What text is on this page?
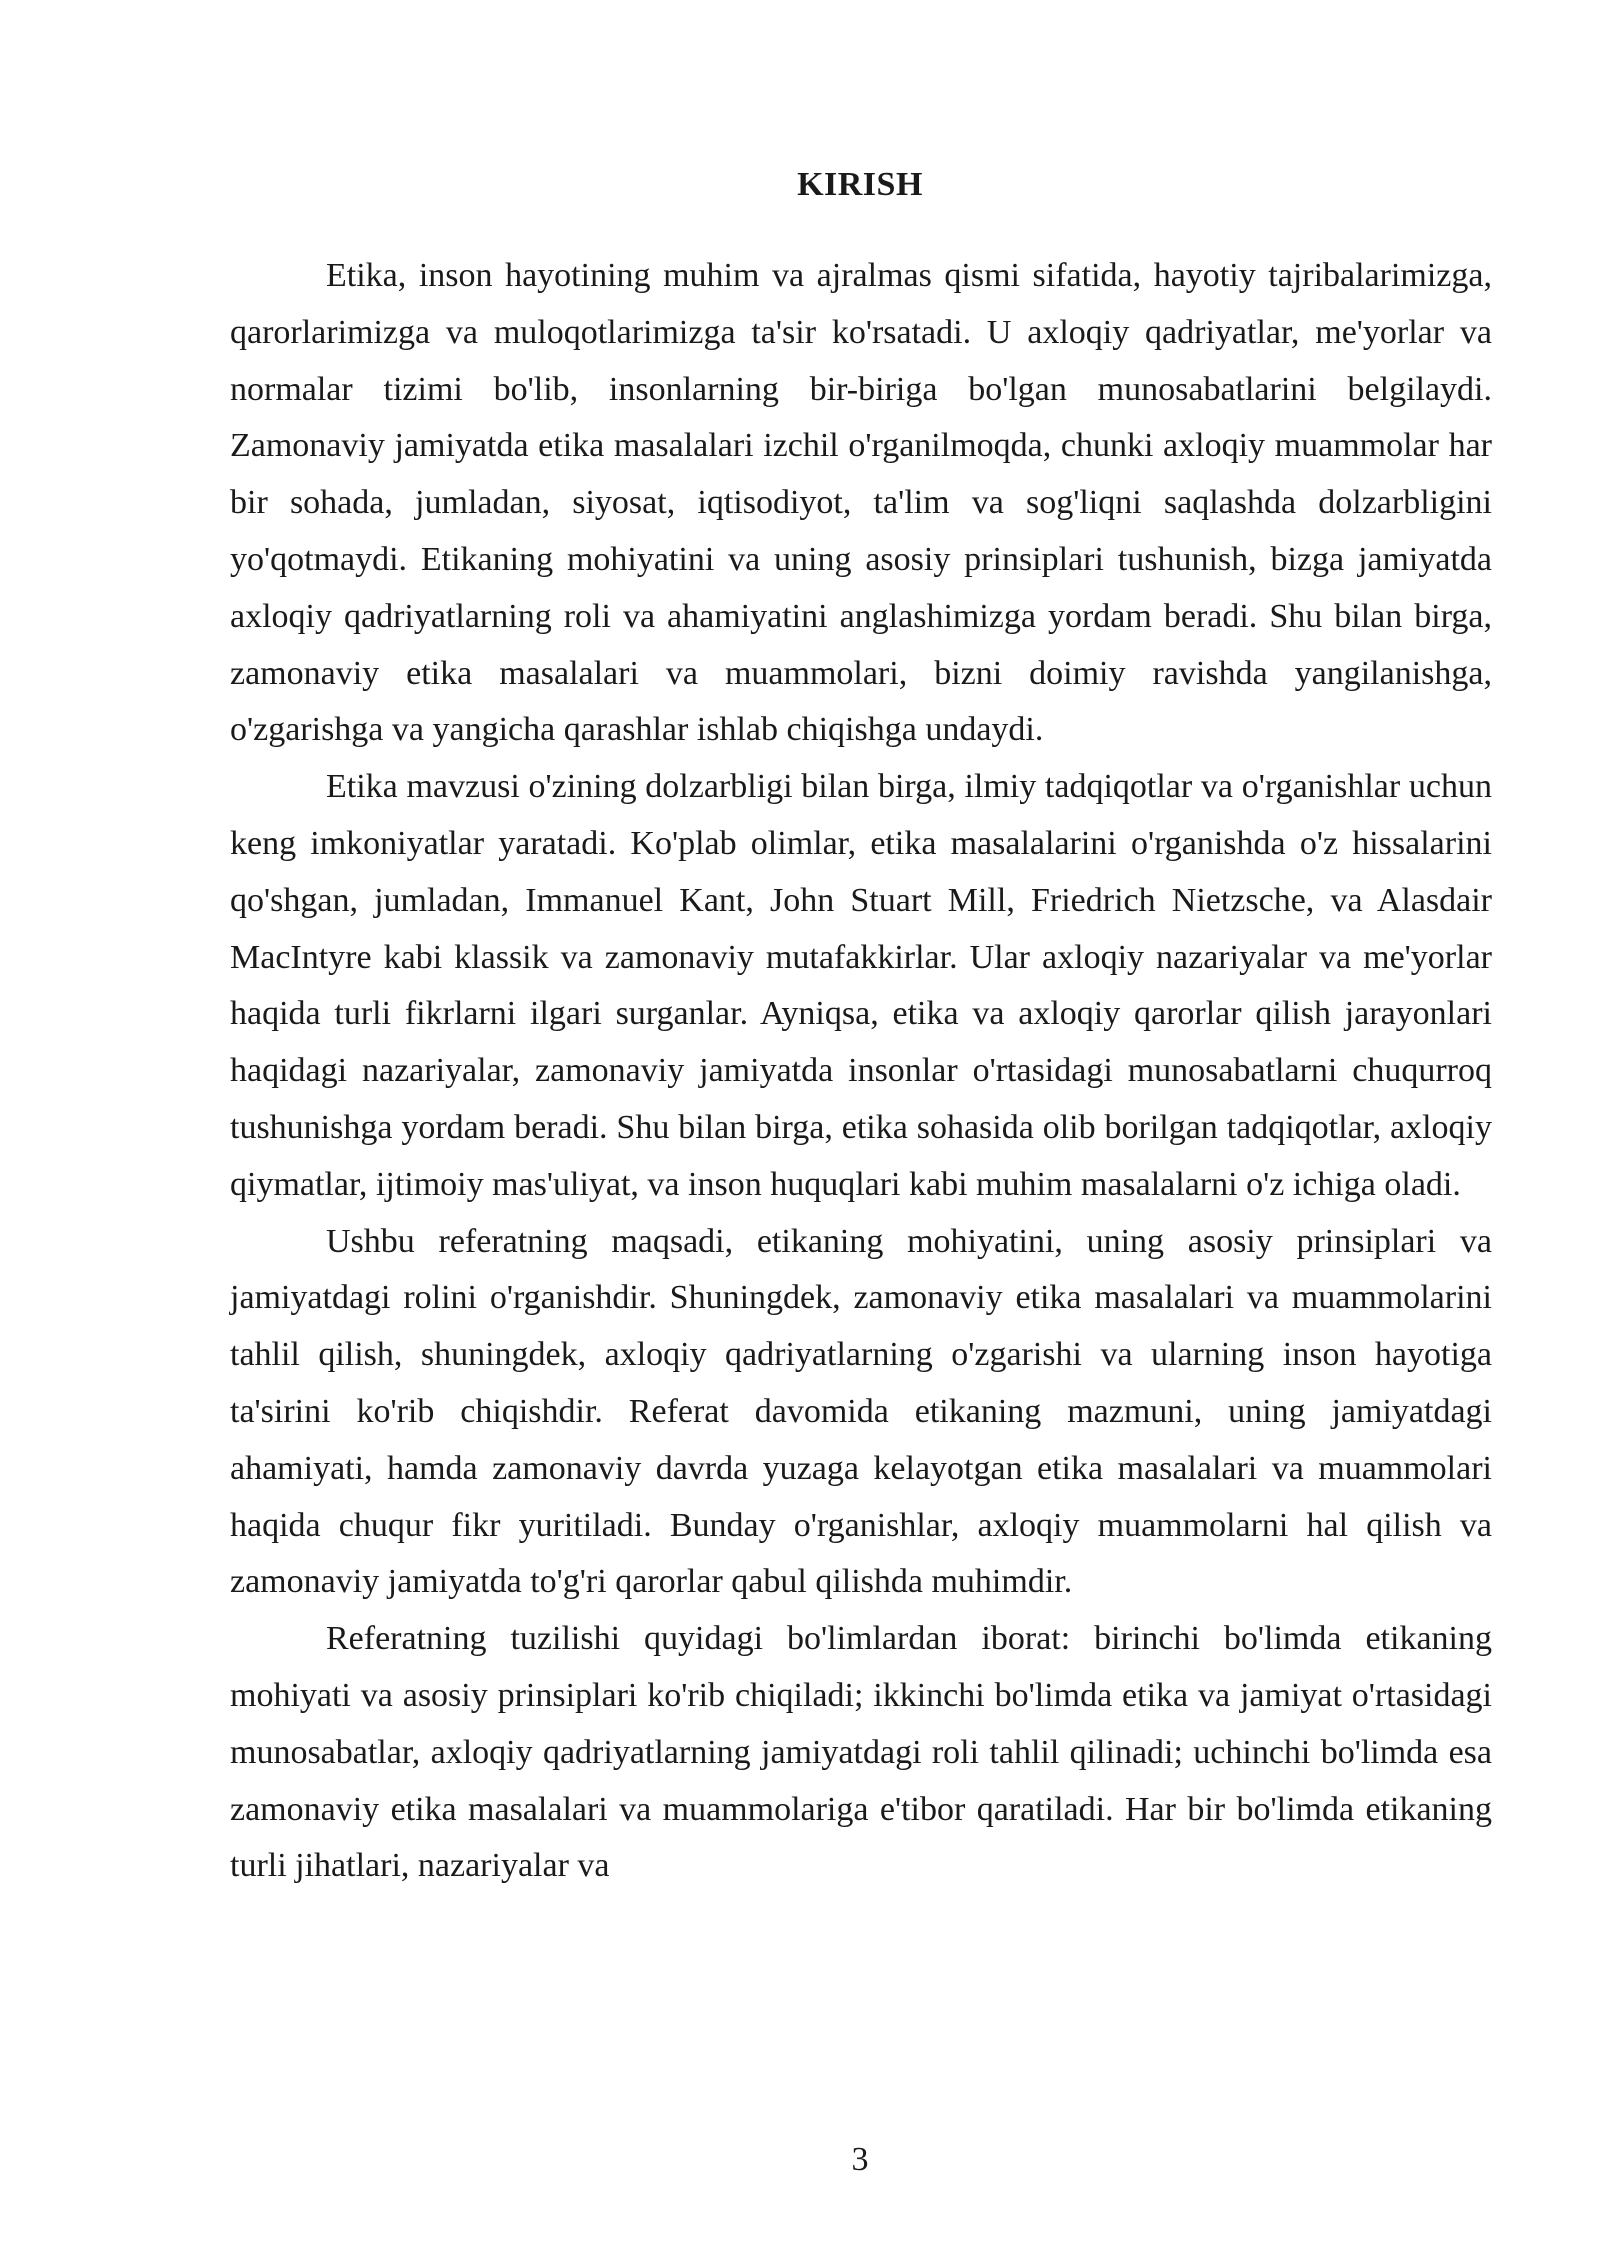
KIRISH

Etika, inson hayotining muhim va ajralmas qismi sifatida, hayotiy tajribalarimizga, qarorlarimizga va muloqotlarimizga ta'sir ko'rsatadi. U axloqiy qadriyatlar, me'yorlar va normalar tizimi bo'lib, insonlarning bir-biriga bo'lgan munosabatlarini belgilaydi. Zamonaviy jamiyatda etika masalalari izchil o'rganilmoqda, chunki axloqiy muammolar har bir sohada, jumladan, siyosat, iqtisodiyot, ta'lim va sog'liqni saqlashda dolzarbligini yo'qotmaydi. Etikaning mohiyatini va uning asosiy prinsiplari tushunish, bizga jamiyatda axloqiy qadriyatlarning roli va ahamiyatini anglashimizga yordam beradi. Shu bilan birga, zamonaviy etika masalalari va muammolari, bizni doimiy ravishda yangilanishga, o'zgarishga va yangicha qarashlar ishlab chiqishga undaydi.

Etika mavzusi o'zining dolzarbligi bilan birga, ilmiy tadqiqotlar va o'rganishlar uchun keng imkoniyatlar yaratadi. Ko'plab olimlar, etika masalalarini o'rganishda o'z hissalarini qo'shgan, jumladan, Immanuel Kant, John Stuart Mill, Friedrich Nietzsche, va Alasdair MacIntyre kabi klassik va zamonaviy mutafakkirlar. Ular axloqiy nazariyalar va me'yorlar haqida turli fikrlarni ilgari surganlar. Ayniqsa, etika va axloqiy qarorlar qilish jarayonlari haqidagi nazariyalar, zamonaviy jamiyatda insonlar o'rtasidagi munosabatlarni chuqurroq tushunishga yordam beradi. Shu bilan birga, etika sohasida olib borilgan tadqiqotlar, axloqiy qiymatlar, ijtimoiy mas'uliyat, va inson huquqlari kabi muhim masalalarni o'z ichiga oladi.

Ushbu referatning maqsadi, etikaning mohiyatini, uning asosiy prinsiplari va jamiyatdagi rolini o'rganishdir. Shuningdek, zamonaviy etika masalalari va muammolarini tahlil qilish, shuningdek, axloqiy qadriyatlarning o'zgarishi va ularning inson hayotiga ta'sirini ko'rib chiqishdir. Referat davomida etikaning mazmuni, uning jamiyatdagi ahamiyati, hamda zamonaviy davrda yuzaga kelayotgan etika masalalari va muammolari haqida chuqur fikr yuritiladi. Bunday o'rganishlar, axloqiy muammolarni hal qilish va zamonaviy jamiyatda to'g'ri qarorlar qabul qilishda muhimdir.

Referatning tuzilishi quyidagi bo'limlardan iborat: birinchi bo'limda etikaning mohiyati va asosiy prinsiplari ko'rib chiqiladi; ikkinchi bo'limda etika va jamiyat o'rtasidagi munosabatlar, axloqiy qadriyatlarning jamiyatdagi roli tahlil qilinadi; uchinchi bo'limda esa zamonaviy etika masalalari va muammolariga e'tibor qaratiladi. Har bir bo'limda etikaning turli jihatlari, nazariyalar va

3
